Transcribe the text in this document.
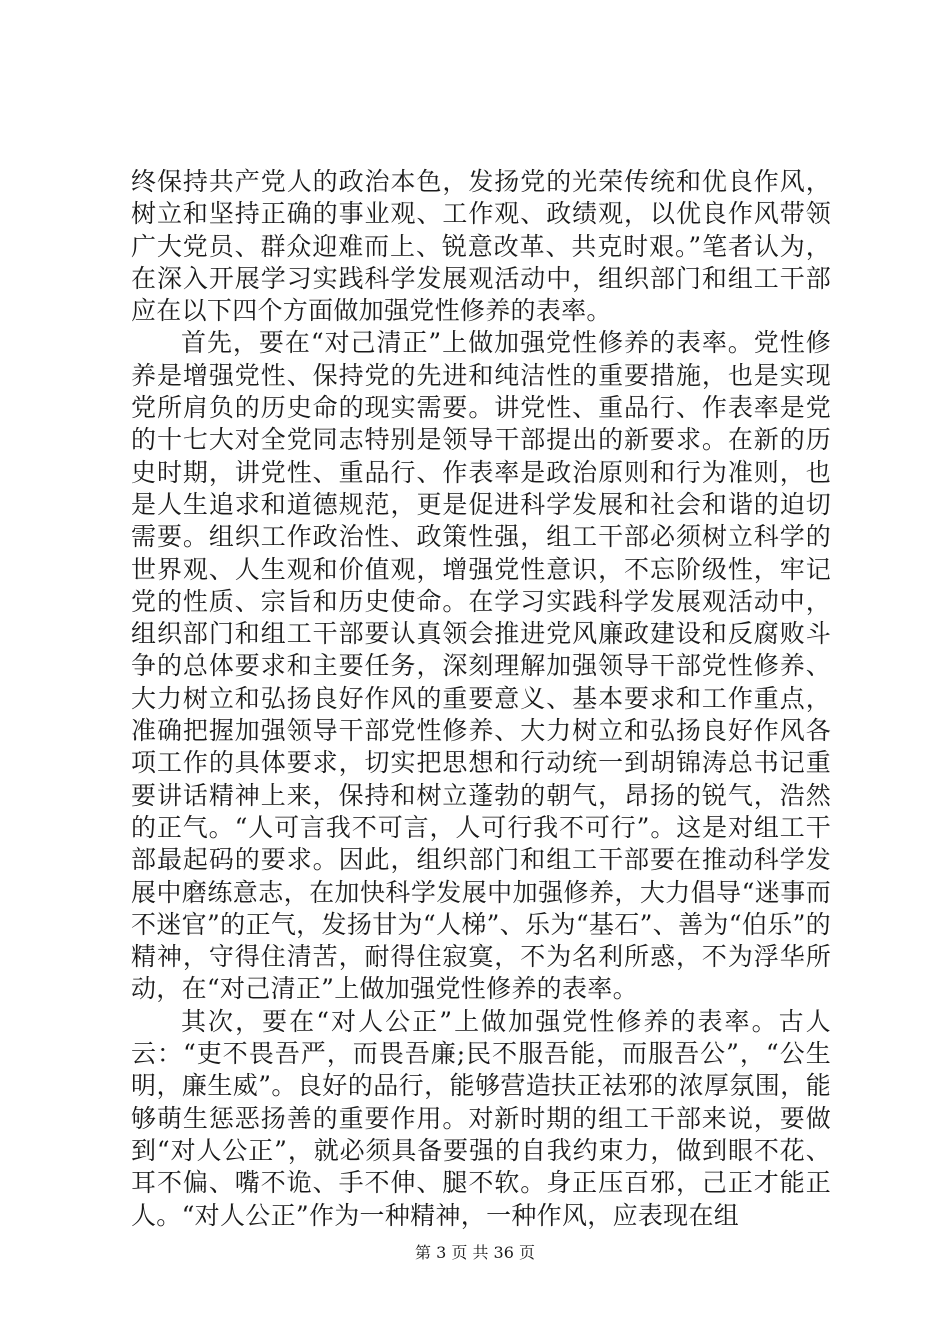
终保持共产党人的政治本色，发扬党的光荣传统和优良作风，树立和坚持正确的事业观、工作观、政绩观，以优良作风带领广大党员、群众迎难而上、锐意改革、共克时艰。”笔者认为，在深入开展学习实践科学发展观活动中，组织部门和组工干部应在以下四个方面做加强党性修养的表率。

首先，要在“对己清正”上做加强党性修养的表率。党性修养是增强党性、保持党的先进和纯洁性的重要措施，也是实现党所肩负的历史命的现实需要。讲党性、重品行、作表率是党的十七大对全党同志特别是领导干部提出的新要求。在新的历史时期，讲党性、重品行、作表率是政治原则和行为准则，也是人生追求和道德规范，更是促进科学发展和社会和谐的迫切需要。组织工作政治性、政策性强，组工干部必须树立科学的世界观、人生观和价值观，增强党性意识，不忘阶级性，牢记党的性质、宗旨和历史使命。在学习实践科学发展观活动中，组织部门和组工干部要认真领会推进党风廉政建设和反腐败斗争的总体要求和主要任务，深刻理解加强领导干部党性修养、大力树立和弘扬良好作风的重要意义、基本要求和工作重点，准确把握加强领导干部党性修养、大力树立和弘扬良好作风各项工作的具体要求，切实把思想和行动统一到胡锦涛总书记重要讲话精神上来，保持和树立蓬勃的朝气，昂扬的锐气，浩然的正气。“人可言我不可言，人可行我不可行”。这是对组工干部最起码的要求。因此，组织部门和组工干部要在推动科学发展中磨练意志，在加快科学发展中加强修养，大力倡导“迷事而不迷官”的正气，发扬甘为“人梯”、乐为“基石”、善为“伯乐”的精神，守得住清苦，耐得住寂寞，不为名利所惑，不为浮华所动，在“对己清正”上做加强党性修养的表率。

其次，要在“对人公正”上做加强党性修养的表率。古人云：“吏不畏吾严，而畏吾廉;民不服吾能，而服吾公”，“公生明，廉生威”。良好的品行，能够营造扶正祛邪的浓厚氛围，能够萌生惩恶扬善的重要作用。对新时期的组工干部来说，要做到“对人公正”，就必须具备要强的自我约束力，做到眼不花、耳不偏、嘴不诡、手不伸、腿不软。身正压百邪，己正才能正人。“对人公正”作为一种精神，一种作风，应表现在组

第 3 页 共 36 页
